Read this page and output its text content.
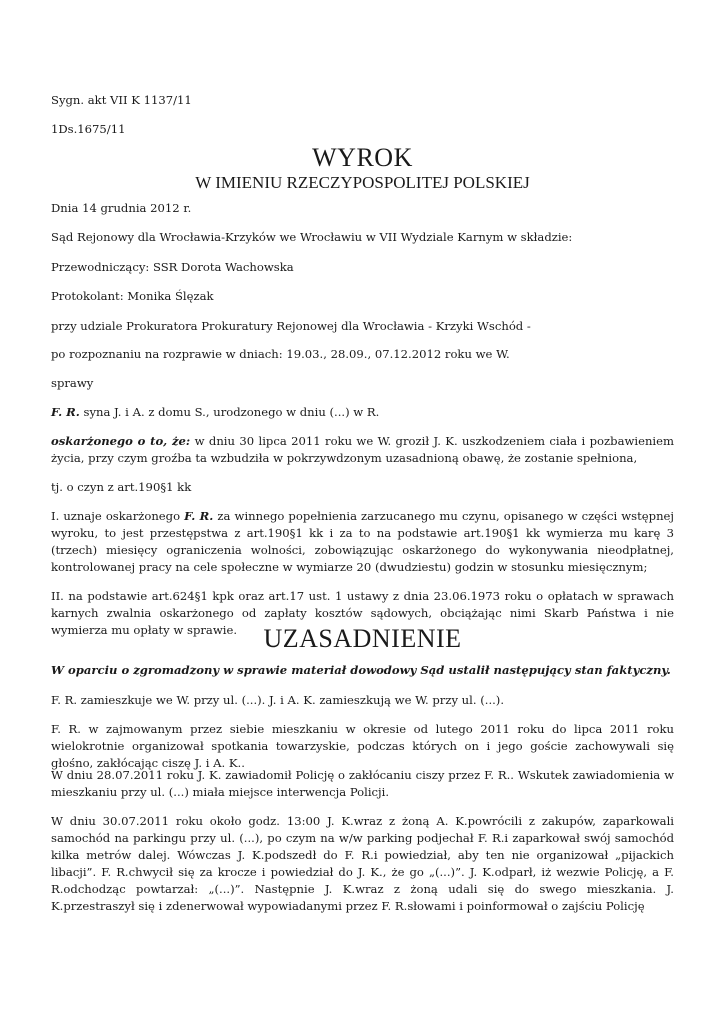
Sygn. akt VII K 1137/11
1Ds.1675/11
WYROK
W IMIENIU RZECZYPOSPOLITEJ POLSKIEJ
Dnia 14 grudnia 2012 r.
Sąd Rejonowy dla Wrocławia-Krzyków we Wrocławiu w VII Wydziale Karnym w składzie:
Przewodniczący: SSR Dorota Wachowska
Protokolant: Monika Ślęzak
przy udziale Prokuratora Prokuratury Rejonowej dla Wrocławia - Krzyki Wschód -
po rozpoznaniu na rozprawie w dniach: 19.03., 28.09., 07.12.2012 roku we W.
sprawy
F. R. syna J. i A. z domu S., urodzonego w dniu (...) w R.
oskarżonego o to, że: w dniu 30 lipca 2011 roku we W. groził J. K. uszkodzeniem ciała i pozbawieniem życia, przy czym groźba ta wzbudziła w pokrzywdzonym uzasadnioną obawę, że zostanie spełniona,
tj. o czyn z art.190§1 kk
I. uznaje oskarżonego F. R. za winnego popełnienia zarzucanego mu czynu, opisanego w części wstępnej wyroku, to jest przestępstwa z art.190§1 kk i za to na podstawie art.190§1 kk wymierza mu karę 3 (trzech) miesięcy ograniczenia wolności, zobowiązując oskarżonego do wykonywania nieodpłatnej, kontrolowanej pracy na cele społeczne w wymiarze 20 (dwudziestu) godzin w stosunku miesięcznym;
II. na podstawie art.624§1 kpk oraz art.17 ust. 1 ustawy z dnia 23.06.1973 roku o opłatach w sprawach karnych zwalnia oskarżonego od zapłaty kosztów sądowych, obciążając nimi Skarb Państwa i nie wymierza mu opłaty w sprawie.	UZASADNIENIE
W oparciu o zgromadzony w sprawie materiał dowodowy Sąd ustalił następujący stan faktyczny.
F. R. zamieszkuje we W. przy ul. (...). J. i A. K. zamieszkują we W. przy ul. (...).
F. R. w zajmowanym przez siebie mieszkaniu w okresie od lutego 2011 roku do lipca 2011 roku wielokrotnie organizował spotkania towarzyskie, podczas których on i jego goście zachowywali się głośno, zakłócając ciszę J. i A. K..
W dniu 28.07.2011 roku J. K. zawiadomił Policję o zakłócaniu ciszy przez F. R.. Wskutek zawiadomienia w mieszkaniu przy ul. (...) miała miejsce interwencja Policji.
W dniu 30.07.2011 roku około godz. 13:00 J. K.wraz z żoną A. K.powrócili z zakupów, zaparkowali samochód na parkingu przy ul. (...), po czym na w/w parking podjechał F. R.i zaparkował swój samochód kilka metrów dalej. Wówczas J. K.podszedł do F. R.i powiedział, aby ten nie organizował „pijackich libacji”. F. R.chwycił się za krocze i powiedział do J. K., że go „(...)”. J. K.odparł, iż wezwie Policję, a F. R.odchodząc powtarzał: „(...)”. Następnie J. K.wraz z żoną udali się do swego mieszkania. J. K.przestraszył się i zdenerwował wypowiadanymi przez F. R.słowami i poinformował o zajściu Policję
